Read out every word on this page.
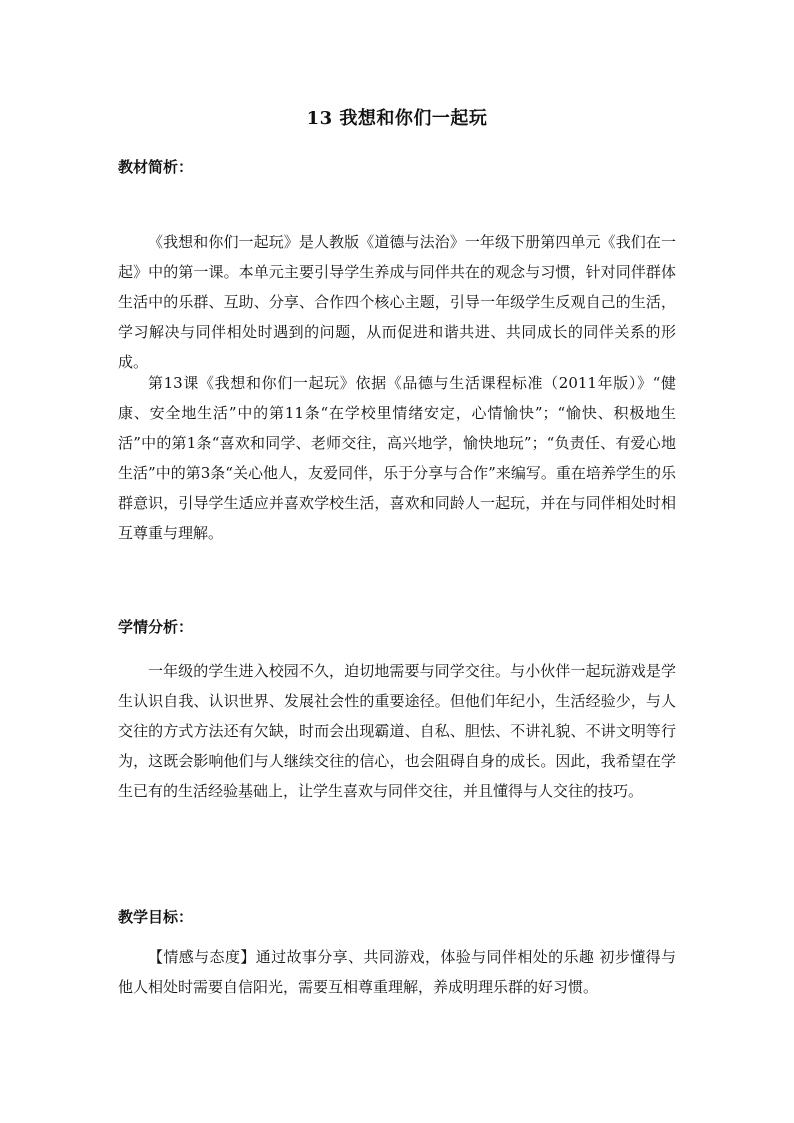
13 我想和你们一起玩
教材简析：
《我想和你们一起玩》是人教版《道德与法治》一年级下册第四单元《我们在一起》中的第一课。本单元主要引导学生养成与同伴共在的观念与习惯，针对同伴群体生活中的乐群、互助、分享、合作四个核心主题，引导一年级学生反观自己的生活，学习解决与同伴相处时遇到的问题，从而促进和谐共进、共同成长的同伴关系的形成。
第13课《我想和你们一起玩》依据《品德与生活课程标准（2011年版）》“健康、安全地生活”中的第11条“在学校里情绪安定，心情愉快”；“愉快、积极地生活”中的第1条“喜欢和同学、老师交往，高兴地学，愉快地玩”；“负责任、有爱心地生活”中的第3条“关心他人，友爱同伴，乐于分享与合作”来编写。重在培养学生的乐群意识，引导学生适应并喜欢学校生活，喜欢和同龄人一起玩，并在与同伴相处时相互尊重与理解。
学情分析：
一年级的学生进入校园不久，迫切地需要与同学交往。与小伙伴一起玩游戏是学生认识自我、认识世界、发展社会性的重要途径。但他们年纪小，生活经验少，与人交往的方式方法还有欠缺，时而会出现霸道、自私、胆怯、不讲礼貌、不讲文明等行为，这既会影响他们与人继续交往的信心，也会阻碍自身的成长。因此，我希望在学生已有的生活经验基础上，让学生喜欢与同伴交往，并且懂得与人交往的技巧。
教学目标：
【情感与态度】通过故事分享、共同游戏，体验与同伴相处的乐趣 初步懂得与他人相处时需要自信阳光，需要互相尊重理解，养成明理乐群的好习惯。
